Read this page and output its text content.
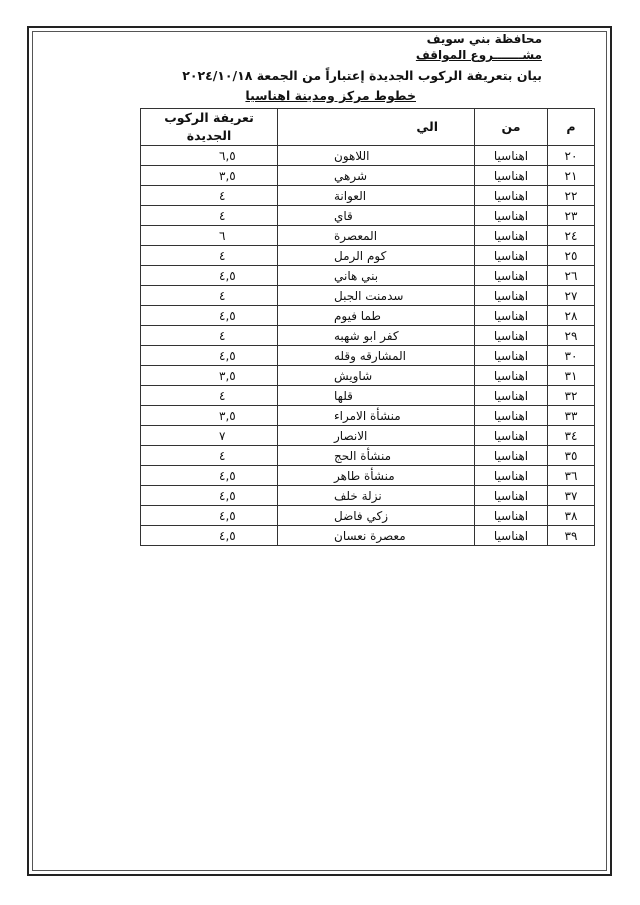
محافظة بني سويف
مشـــــــروع المواقف
بيان بتعريفة الركوب الجديدة إعتباراً من الجمعة ٢٠٢٤/١٠/١٨
خطوط مركز ومدينة اهناسيا
م	من	الي	تعريفة الركوب الجديدة
٢٠	اهناسيا	اللاهون	٦,٥
٢١	اهناسيا	شرهي	٣,٥
٢٢	اهناسيا	العوانة	٤
٢٣	اهناسيا	قاي	٤
٢٤	اهناسيا	المعصرة	٦
٢٥	اهناسيا	كوم الرمل	٤
٢٦	اهناسيا	بني هاني	٤,٥
٢٧	اهناسيا	سدمنت الجبل	٤
٢٨	اهناسيا	طما فيوم	٤,٥
٢٩	اهناسيا	كفر ابو شهبه	٤
٣٠	اهناسيا	المشارقه وقله	٤,٥
٣١	اهناسيا	شاويش	٣,٥
٣٢	اهناسيا	قلها	٤
٣٣	اهناسيا	منشأة الامراء	٣,٥
٣٤	اهناسيا	الانصار	٧
٣٥	اهناسيا	منشأة الحج	٤
٣٦	اهناسيا	منشأة طاهر	٤,٥
٣٧	اهناسيا	نزلة خلف	٤,٥
٣٨	اهناسيا	زكي فاضل	٤,٥
٣٩	اهناسيا	معصرة نعسان	٤,٥
